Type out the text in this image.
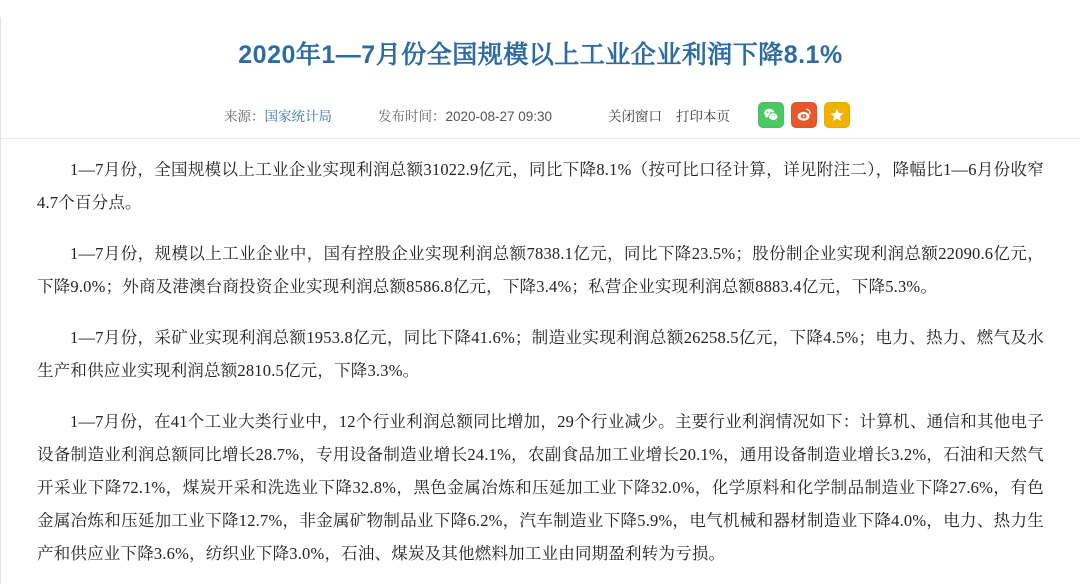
2020年1—7月份全国规模以上工业企业利润下降8.1%
来源：国家统计局	发布时间：2020-08-27 09:30	关闭窗口 打印本页

1—7月份，全国规模以上工业企业实现利润总额31022.9亿元，同比下降8.1%（按可比口径计算，详见附注二），降幅比1—6月份收窄4.7个百分点。

1—7月份，规模以上工业企业中，国有控股企业实现利润总额7838.1亿元，同比下降23.5%；股份制企业实现利润总额22090.6亿元，下降9.0%；外商及港澳台商投资企业实现利润总额8586.8亿元，下降3.4%；私营企业实现利润总额8883.4亿元，下降5.3%。

1—7月份，采矿业实现利润总额1953.8亿元，同比下降41.6%；制造业实现利润总额26258.5亿元，下降4.5%；电力、热力、燃气及水生产和供应业实现利润总额2810.5亿元，下降3.3%。

1—7月份，在41个工业大类行业中，12个行业利润总额同比增加，29个行业减少。主要行业利润情况如下：计算机、通信和其他电子设备制造业利润总额同比增长28.7%，专用设备制造业增长24.1%，农副食品加工业增长20.1%，通用设备制造业增长3.2%，石油和天然气开采业下降72.1%，煤炭开采和洗选业下降32.8%，黑色金属冶炼和压延加工业下降32.0%，化学原料和化学制品制造业下降27.6%，有色金属冶炼和压延加工业下降12.7%，非金属矿物制品业下降6.2%，汽车制造业下降5.9%，电气机械和器材制造业下降4.0%，电力、热力生产和供应业下降3.6%，纺织业下降3.0%，石油、煤炭及其他燃料加工业由同期盈利转为亏损。
